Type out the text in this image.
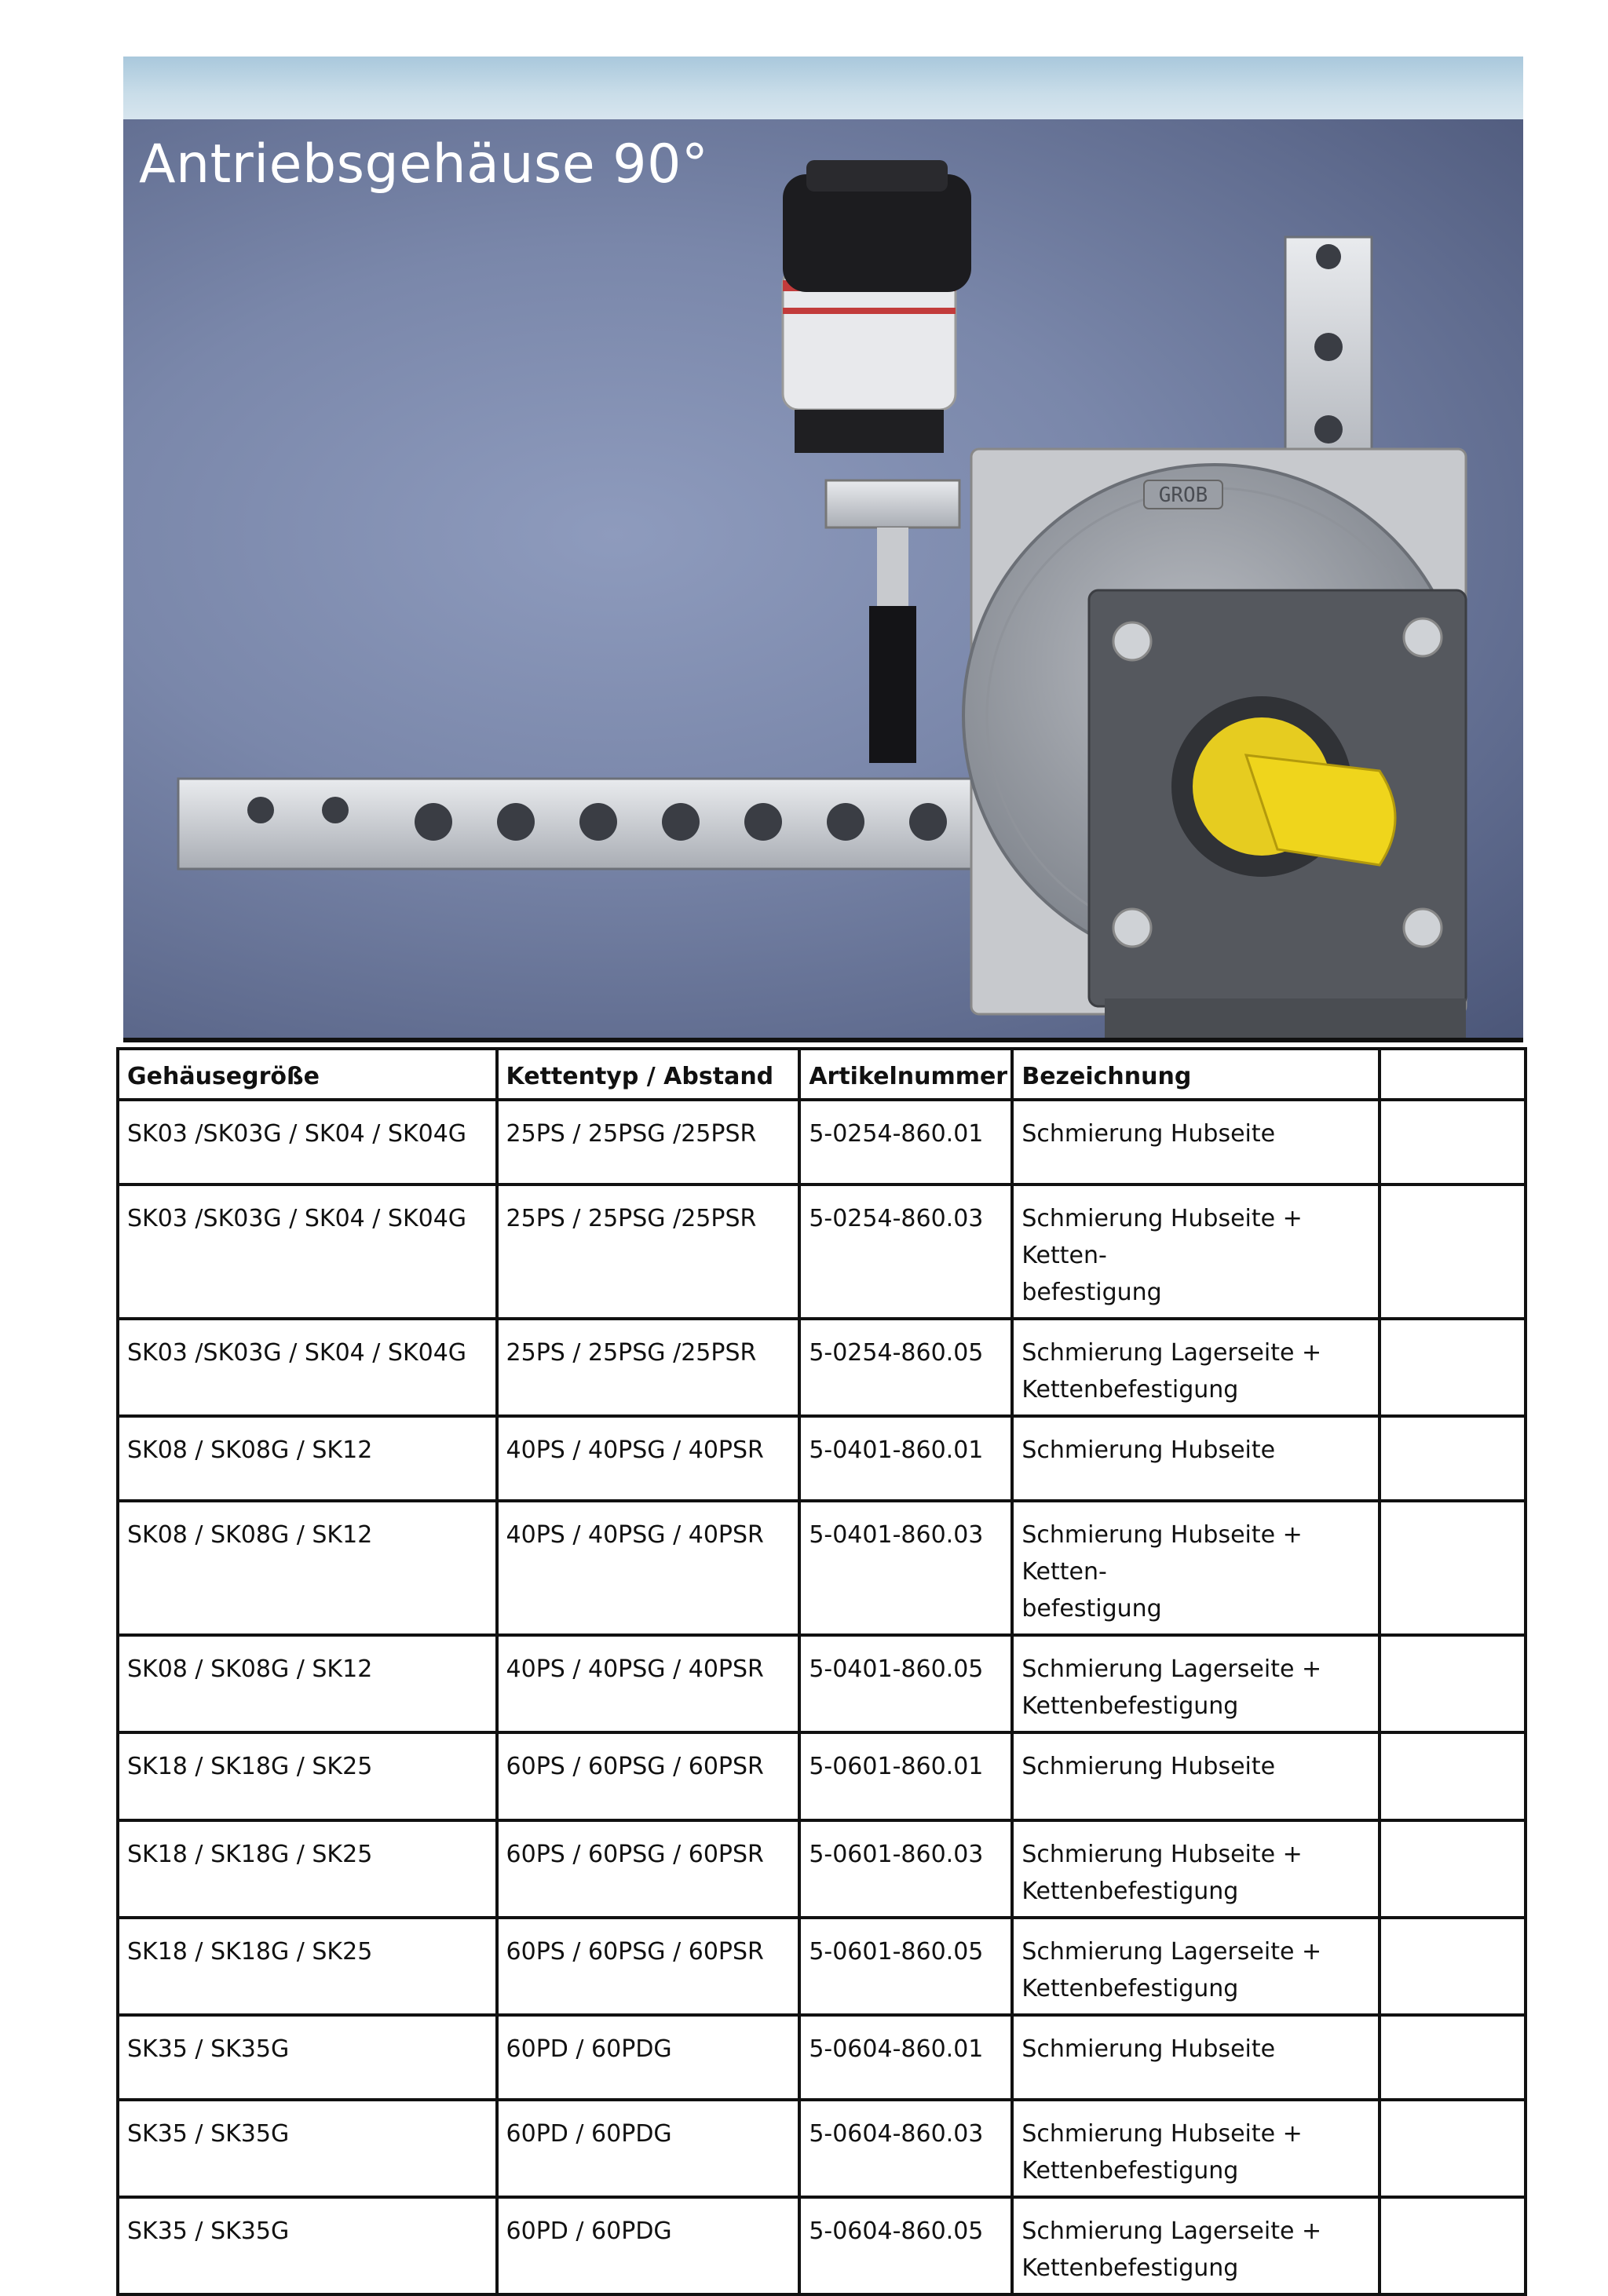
GROB
Antriebsgehäuse 90°
Gehäusegröße	Kettentyp / Abstand	Artikelnummer	Bezeichnung	
SK03 /SK03G / SK04 / SK04G	25PS / 25PSG /25PSR	5-0254-860.01	Schmierung Hubseite	

SK03 /SK03G / SK04 / SK04G	25PS / 25PSG /25PSR	5-0254-860.03	Schmierung Hubseite + Ketten-
befestigung	

SK03 /SK03G / SK04 / SK04G	25PS / 25PSG /25PSR	5-0254-860.05	Schmierung Lagerseite +
Kettenbefestigung	

SK08 / SK08G / SK12	40PS / 40PSG / 40PSR	5-0401-860.01	Schmierung Hubseite	

SK08 / SK08G / SK12	40PS / 40PSG / 40PSR	5-0401-860.03	Schmierung Hubseite + Ketten-
befestigung	

SK08 / SK08G / SK12	40PS / 40PSG / 40PSR	5-0401-860.05	Schmierung Lagerseite +
Kettenbefestigung	

SK18 / SK18G / SK25	60PS / 60PSG / 60PSR	5-0601-860.01	Schmierung Hubseite	

SK18 / SK18G / SK25	60PS / 60PSG / 60PSR	5-0601-860.03	Schmierung Hubseite +
Kettenbefestigung	

SK18 / SK18G / SK25	60PS / 60PSG / 60PSR	5-0601-860.05	Schmierung Lagerseite +
Kettenbefestigung	

SK35 / SK35G	60PD / 60PDG	5-0604-860.01	Schmierung Hubseite	

SK35 / SK35G	60PD / 60PDG	5-0604-860.03	Schmierung Hubseite +
Kettenbefestigung	

SK35 / SK35G	60PD / 60PDG	5-0604-860.05	Schmierung Lagerseite +
Kettenbefestigung	
